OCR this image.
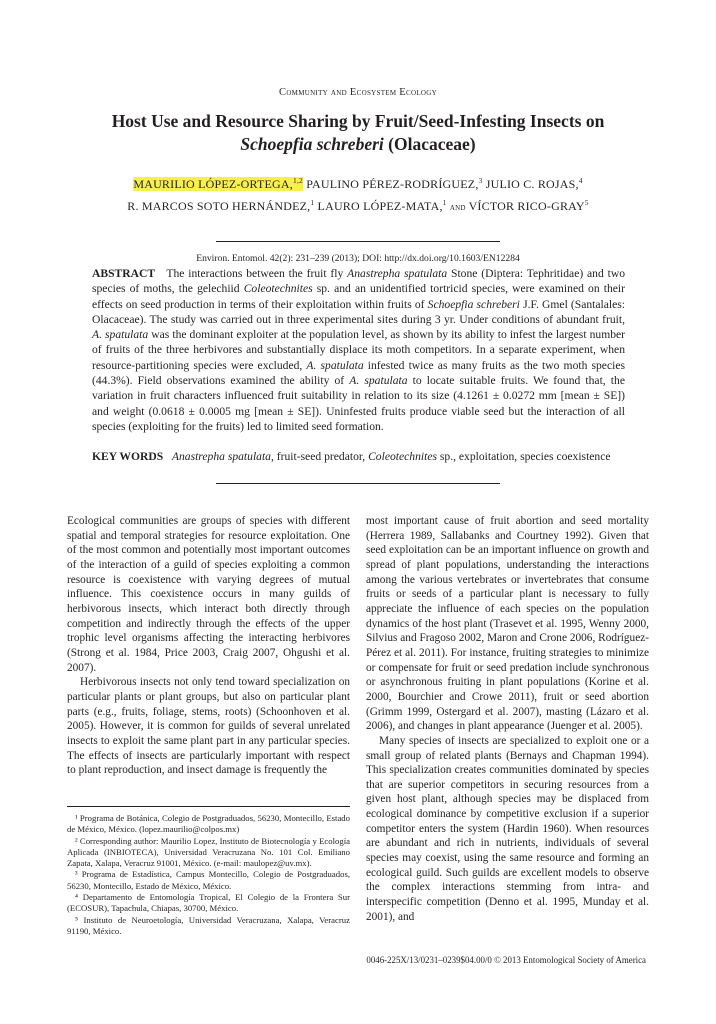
Community and Ecosystem Ecology
Host Use and Resource Sharing by Fruit/Seed-Infesting Insects on
Schoepfia schreberi (Olacaceae)
MAURILIO LÓPEZ-ORTEGA,$^{1,2}$ PAULINO PÉREZ-RODRÍGUEZ,$^3$ JULIO C. ROJAS,$^4$
R. MARCOS SOTO HERNÁNDEZ,$^1$ LAURO LÓPEZ-MATA,$^1$ and VÍCTOR RICO-GRAY$^5$
Environ. Entomol. 42(2): 231–239 (2013); DOI: http://dx.doi.org/10.1603/EN12284
ABSTRACT The interactions between the fruit fly Anastrepha spatulata Stone (Diptera: Tephritidae) and two species of moths, the gelechiid Coleotechnites sp. and an unidentified tortricid species, were examined on their effects on seed production in terms of their exploitation within fruits of Schoepfia schreberi J.F. Gmel (Santalales: Olacaceae). The study was carried out in three experimental sites during 3 yr. Under conditions of abundant fruit, A. spatulata was the dominant exploiter at the population level, as shown by its ability to infest the largest number of fruits of the three herbivores and substantially displace its moth competitors. In a separate experiment, when resource-partitioning species were excluded, A. spatulata infested twice as many fruits as the two moth species (44.3%). Field observations examined the ability of A. spatulata to locate suitable fruits. We found that, the variation in fruit characters influenced fruit suitability in relation to its size (4.1261 ± 0.0272 mm [mean ± SE]) and weight (0.0618 ± 0.0005 mg [mean ± SE]). Uninfested fruits produce viable seed but the interaction of all species (exploiting for the fruits) led to limited seed formation.
KEY WORDS Anastrepha spatulata, fruit-seed predator, Coleotechnites sp., exploitation, species coexistence

Ecological communities are groups of species with different spatial and temporal strategies for resource exploitation. One of the most common and potentially most important outcomes of the interaction of a guild of species exploiting a common resource is coexistence with varying degrees of mutual influence. This coexistence occurs in many guilds of herbivorous insects, which interact both directly through competition and indirectly through the effects of the upper trophic level organisms affecting the interacting herbivores (Strong et al. 1984, Price 2003, Craig 2007, Ohgushi et al. 2007).

Herbivorous insects not only tend toward specialization on particular plants or plant groups, but also on particular plant parts (e.g., fruits, foliage, stems, roots) (Schoonhoven et al. 2005). However, it is common for guilds of several unrelated insects to exploit the same plant part in any particular species. The effects of insects are particularly important with respect to plant reproduction, and insect damage is frequently the

most important cause of fruit abortion and seed mortality (Herrera 1989, Sallabanks and Courtney 1992). Given that seed exploitation can be an important influence on growth and spread of plant populations, understanding the interactions among the various vertebrates or invertebrates that consume fruits or seeds of a particular plant is necessary to fully appreciate the influence of each species on the population dynamics of the host plant (Trasevet et al. 1995, Wenny 2000, Silvius and Fragoso 2002, Maron and Crone 2006, Rodríguez-Pérez et al. 2011). For instance, fruiting strategies to minimize or compensate for fruit or seed predation include synchronous or asynchronous fruiting in plant populations (Korine et al. 2000, Bourchier and Crowe 2011), fruit or seed abortion (Grimm 1999, Ostergard et al. 2007), masting (Lázaro et al. 2006), and changes in plant appearance (Juenger et al. 2005).

Many species of insects are specialized to exploit one or a small group of related plants (Bernays and Chapman 1994). This specialization creates communities dominated by species that are superior competitors in securing resources from a given host plant, although species may be displaced from ecological dominance by competitive exclusion if a superior competitor enters the system (Hardin 1960). When resources are abundant and rich in nutrients, individuals of several species may coexist, using the same resource and forming an ecological guild. Such guilds are excellent models to observe the complex interactions stemming from intra- and interspecific competition (Denno et al. 1995, Munday et al. 2001), and

¹ Programa de Botánica, Colegio de Postgraduados, 56230, Montecillo, Estado de México, México. (lopez.maurilio@colpos.mx)

² Corresponding author: Maurilio Lopez, Instituto de Biotecnología y Ecología Aplicada (INBIOTECA), Universidad Veracruzana No. 101 Col. Emiliano Zapata, Xalapa, Veracruz 91001, México. (e-mail: maulopez@uv.mx).

³ Programa de Estadística, Campus Montecillo, Colegio de Postgraduados, 56230, Montecillo, Estado de México, México.

⁴ Departamento de Entomología Tropical, El Colegio de la Frontera Sur (ECOSUR), Tapachula, Chiapas, 30700, México.

⁵ Instituto de Neuroetología, Universidad Veracruzana, Xalapa, Veracruz 91190, México.

0046-225X/13/0231–0239$04.00/0 © 2013 Entomological Society of America
